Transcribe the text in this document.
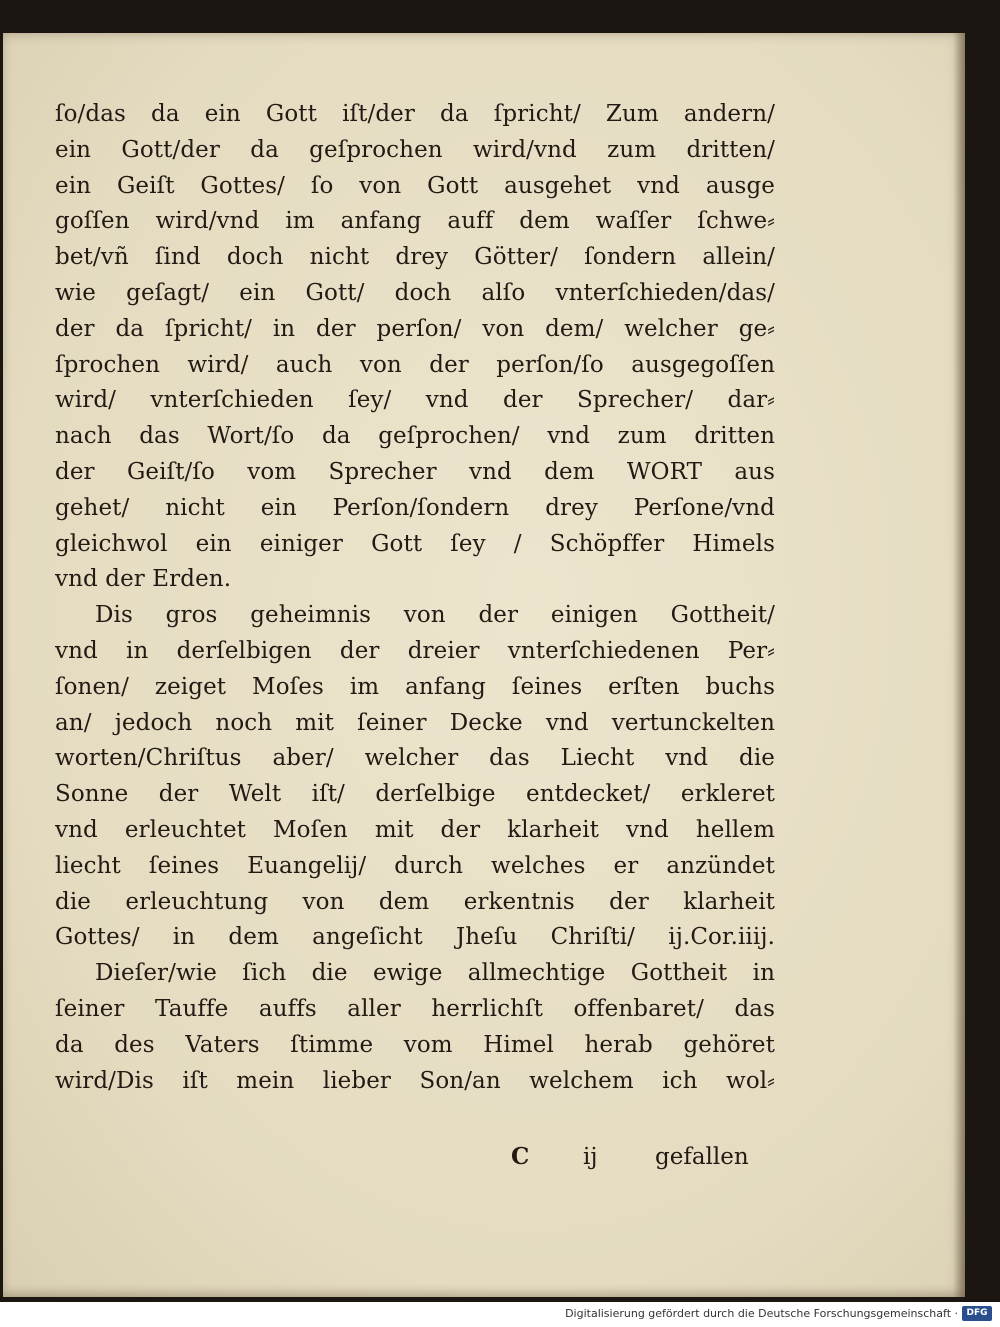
ſo/das da ein Gott iſt/der da ſpricht/ Zum andern/
ein Gott/der da geſprochen wird/vnd zum dritten/
ein Geiſt Gottes/ ſo von Gott ausgehet vnd ausge
goſſen wird/vnd im anfang auff dem waſſer ſchwe⸗
bet/vñ ſind doch nicht drey Götter/ ſondern allein/
wie geſagt/ ein Gott/ doch alſo vnterſchieden/das/
der da ſpricht/ in der perſon/ von dem/ welcher ge⸗
ſprochen wird/ auch von der perſon/ſo ausgegoſſen
wird/ vnterſchieden ſey/ vnd der Sprecher/ dar⸗
nach das Wort/ſo da geſprochen/ vnd zum dritten
der Geiſt/ſo vom Sprecher vnd dem WORT aus
gehet/ nicht ein Perſon/ſondern drey Perſone/vnd
gleichwol ein einiger Gott ſey / Schöpffer Himels
vnd der Erden.
Dis gros geheimnis von der einigen Gottheit/
vnd in derſelbigen der dreier vnterſchiedenen Per⸗
ſonen/ zeiget Moſes im anfang ſeines erſten buchs
an/ jedoch noch mit ſeiner Decke vnd vertunckelten
worten/Chriſtus aber/ welcher das Liecht vnd die
Sonne der Welt iſt/ derſelbige entdecket/ erkleret
vnd erleuchtet Moſen mit der klarheit vnd hellem
liecht ſeines Euangelij/ durch welches er anzündet
die erleuchtung von dem erkentnis der klarheit
Gottes/ in dem angeſicht Jheſu Chriſti/ ij.Cor.iiij.
Dieſer/wie ſich die ewige allmechtige Gottheit in
ſeiner Tauffe auffs aller herrlichſt offenbaret/ das
da des Vaters ſtimme vom Himel herab gehöret
wird/Dis iſt mein lieber Son/an welchem ich wol⸗
C ij	gefallen
Digitalisierung gefördert durch die Deutsche Forschungsgemeinschaft · DFG
